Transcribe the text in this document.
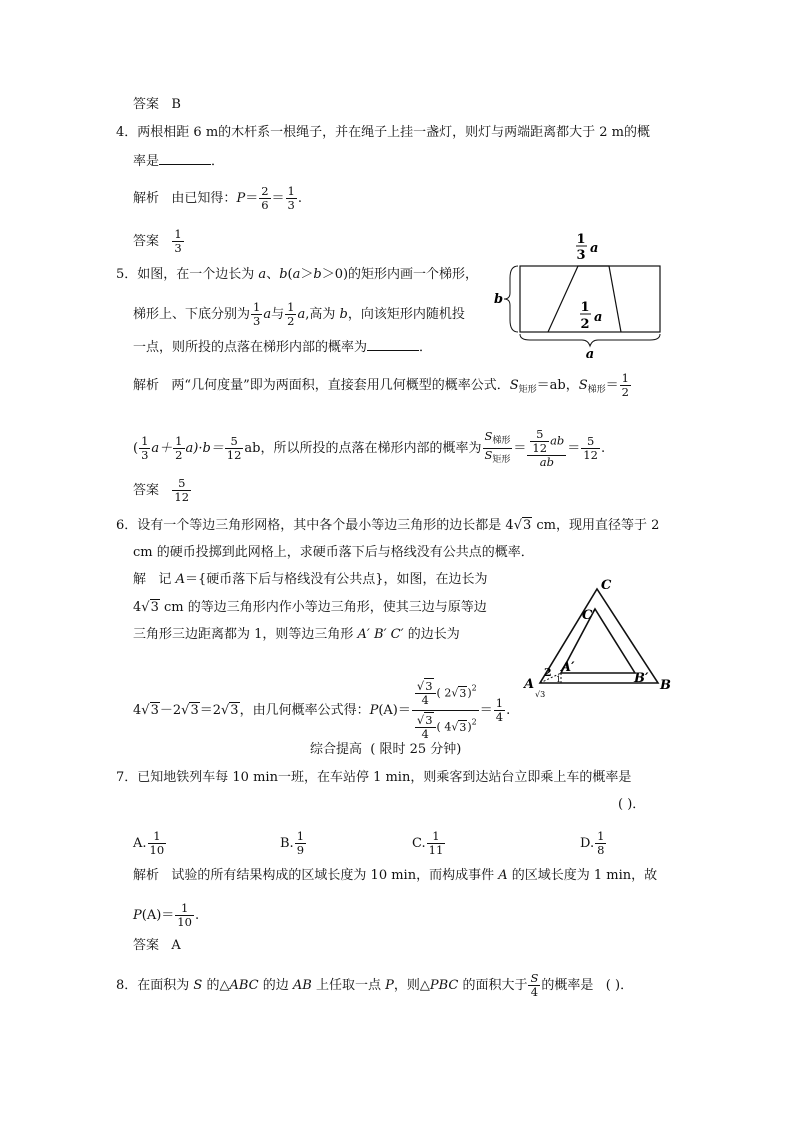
答案 B
4．两根相距 6 m的木杆系一根绳子，并在绳子上挂一盏灯，则灯与两端距离都大于 2 m的概
率是	．
解析 由已知得：$P= \frac{2}{6} = \frac{1}{3}$ .
答案 $\frac{1}{3}$
5．如图，在一个边长为 a、b(a＞b＞0)的矩形内画一个梯形，
梯形上、下底分别为 $\frac{1}{3}$ a与 $\frac{1}{2} a$,高为 b，向该矩形内随机投
一点，则所投的点落在梯形内部的概率为	．
1
3 a
1
2 a
b
a
解析 两“几何度量”即为两面积，直接套用几何概型的概率公式．$S_{矩形}=ab$，$S_{梯形}= \frac{1}{2}$
( $\frac{1}{3} a+ \frac{1}{2} a)\cdot b= \frac{5}{12}$ ab，所以所投的点落在梯形内部的概率为 $\frac{S_{梯形}}{S_{矩形}} = \frac{\frac{5}{12} ab}{ab} = \frac{5}{12}$ .
答案 $\frac{5}{12}$
6．设有一个等边三角形网格，其中各个最小等边三角形的边长都是 4√3 cm，现用直径等于 2
cm 的硬币投掷到此网格上，求硬币落下后与格线没有公共点的概率．
解 记 A＝{硬币落下后与格线没有公共点}，如图，在边长为
4√3 cm 的等边三角形内作小等边三角形，使其三边与原等边
三角形三边距离都为 1，则等边三角形 A′ B′ C′ 的边长为
4√3－2√3＝2√3，由几何概率公式得：$P(A)= \frac{\frac{√3}{4} ( 2√3)^2}{\frac{√3}{4} ( 4√3)^2} = \frac{1}{4}$ .
C
C′
A
A′
B
B′
2
1
√3
综合提高 ( 限时 25 分钟)
7．已知地铁列车每 10 min一班，在车站停 1 min，则乘客到达站台立即乘上车的概率是
( )．
A. $\frac{1}{10}$	B. $\frac{1}{9}$	C. $\frac{1}{11}$	D. $\frac{1}{8}$
解析 试验的所有结果构成的区域长度为 10 min，而构成事件 A 的区域长度为 1 min，故
$P(A)= \frac{1}{10}$ .
答案 A
8．在面积为 S 的△ABC 的边 AB 上任取一点 P，则△PBC 的面积大于 $\frac{S}{4}$ 的概率是 ( )．
